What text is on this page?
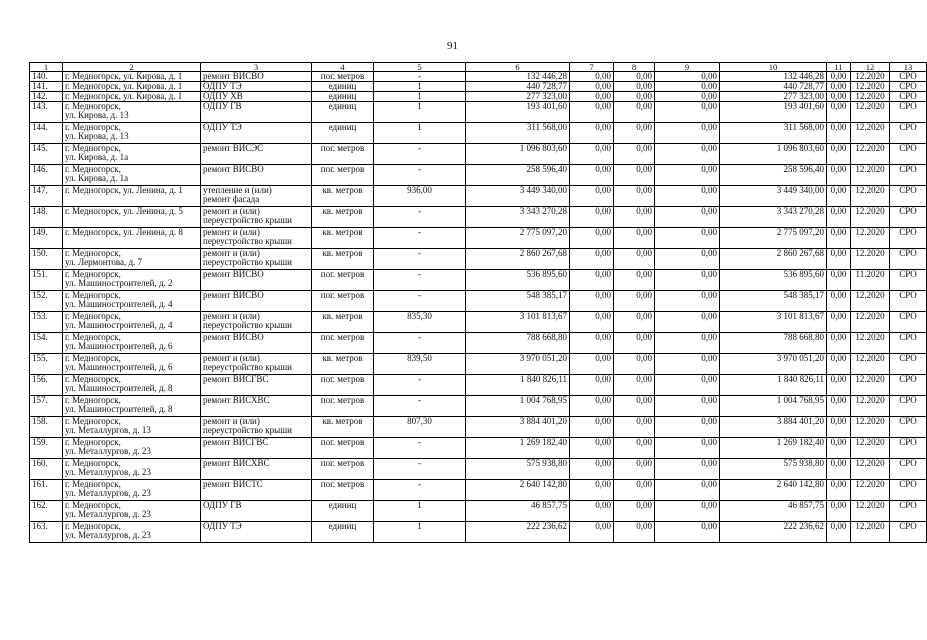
91
1	2	3	4	5	6	7	8	9	10	11	12	13
140.	г. Медногорск, ул. Кирова, д. 1	ремонт ВИСВО	пог. метров	-	132 446,28	0,00	0,00	0,00	132 446,28	0,00	12.2020	СРО
141.	г. Медногорск, ул. Кирова, д. 1	ОДПУ ТЭ	единиц	1	440 728,77	0,00	0,00	0,00	440 728,77	0,00	12.2020	СРО
142.	г. Медногорск, ул. Кирова, д. 1	ОДПУ ХВ	единиц	1	277 323,00	0,00	0,00	0,00	277 323,00	0,00	12.2020	СРО
143.	г. Медногорск,
ул. Кирова, д. 13	ОДПУ ГВ	единиц	1	193 401,60	0,00	0,00	0,00	193 401,60	0,00	12.2020	СРО
144.	г. Медногорск,
ул. Кирова, д. 13	ОДПУ ТЭ	единиц	1	311 568,00	0,00	0,00	0,00	311 568,00	0,00	12.2020	СРО
145.	г. Медногорск,
ул. Кирова, д. 1а	ремонт ВИСЭС	пог. метров	-	1 096 803,60	0,00	0,00	0,00	1 096 803,60	0,00	12.2020	СРО
146.	г. Медногорск,
ул. Кирова, д. 1а	ремонт ВИСВО	пог. метров	-	258 596,40	0,00	0,00	0,00	258 596,40	0,00	12.2020	СРО
147.	г. Медногорск, ул. Ленина, д. 1	утепление и (или)
ремонт фасада	кв. метров	936,00	3 449 340,00	0,00	0,00	0,00	3 449 340,00	0,00	12.2020	СРО
148.	г. Медногорск, ул. Ленина, д. 5	ремонт и (или)
переустройство крыши	кв. метров	-	3 343 270,28	0,00	0,00	0,00	3 343 270,28	0,00	12.2020	СРО
149.	г. Медногорск, ул. Ленина, д. 8	ремонт и (или)
переустройство крыши	кв. метров	-	2 775 097,20	0,00	0,00	0,00	2 775 097,20	0,00	12.2020	СРО
150.	г. Медногорск,
ул. Лермонтова, д. 7	ремонт и (или)
переустройство крыши	кв. метров	-	2 860 267,68	0,00	0,00	0,00	2 860 267,68	0,00	12.2020	СРО
151.	г. Медногорск,
ул. Машиностроителей, д. 2	ремонт ВИСВО	пог. метров	-	536 895,60	0,00	0,00	0,00	536 895,60	0,00	11.2020	СРО
152.	г. Медногорск,
ул. Машиностроителей, д. 4	ремонт ВИСВО	пог. метров	-	548 385,17	0,00	0,00	0,00	548 385,17	0,00	12.2020	СРО
153.	г. Медногорск,
ул. Машиностроителей, д. 4	ремонт и (или)
переустройство крыши	кв. метров	835,30	3 101 813,67	0,00	0,00	0,00	3 101 813,67	0,00	12.2020	СРО
154.	г. Медногорск,
ул. Машиностроителей, д. 6	ремонт ВИСВО	пог. метров	-	788 668,80	0,00	0,00	0,00	788 668,80	0,00	12.2020	СРО
155.	г. Медногорск,
ул. Машиностроителей, д. 6	ремонт и (или)
переустройство крыши	кв. метров	839,50	3 970 051,20	0,00	0,00	0,00	3 970 051,20	0,00	12.2020	СРО
156.	г. Медногорск,
ул. Машиностроителей, д. 8	ремонт ВИСГВС	пог. метров	-	1 840 826,11	0,00	0,00	0,00	1 840 826,11	0,00	12.2020	СРО
157.	г. Медногорск,
ул. Машиностроителей, д. 8	ремонт ВИСХВС	пог. метров	-	1 004 768,95	0,00	0,00	0,00	1 004 768,95	0,00	12.2020	СРО
158.	г. Медногорск,
ул. Металлургов, д. 13	ремонт и (или)
переустройство крыши	кв. метров	807,30	3 884 401,20	0,00	0,00	0,00	3 884 401,20	0,00	12.2020	СРО
159.	г. Медногорск,
ул. Металлургов, д. 23	ремонт ВИСГВС	пог. метров	-	1 269 182,40	0,00	0,00	0,00	1 269 182,40	0,00	12.2020	СРО
160.	г. Медногорск,
ул. Металлургов, д. 23	ремонт ВИСХВС	пог. метров	-	575 938,80	0,00	0,00	0,00	575 938,80	0,00	12.2020	СРО
161.	г. Медногорск,
ул. Металлургов, д. 23	ремонт ВИСТС	пог. метров	-	2 640 142,80	0,00	0,00	0,00	2 640 142,80	0,00	12.2020	СРО
162.	г. Медногорск,
ул. Металлургов, д. 23	ОДПУ ГВ	единиц	1	46 857,75	0,00	0,00	0,00	46 857,75	0,00	12.2020	СРО
163.	г. Медногорск,
ул. Металлургов, д. 23	ОДПУ ТЭ	единиц	1	222 236,62	0,00	0,00	0,00	222 236,62	0,00	12.2020	СРО
